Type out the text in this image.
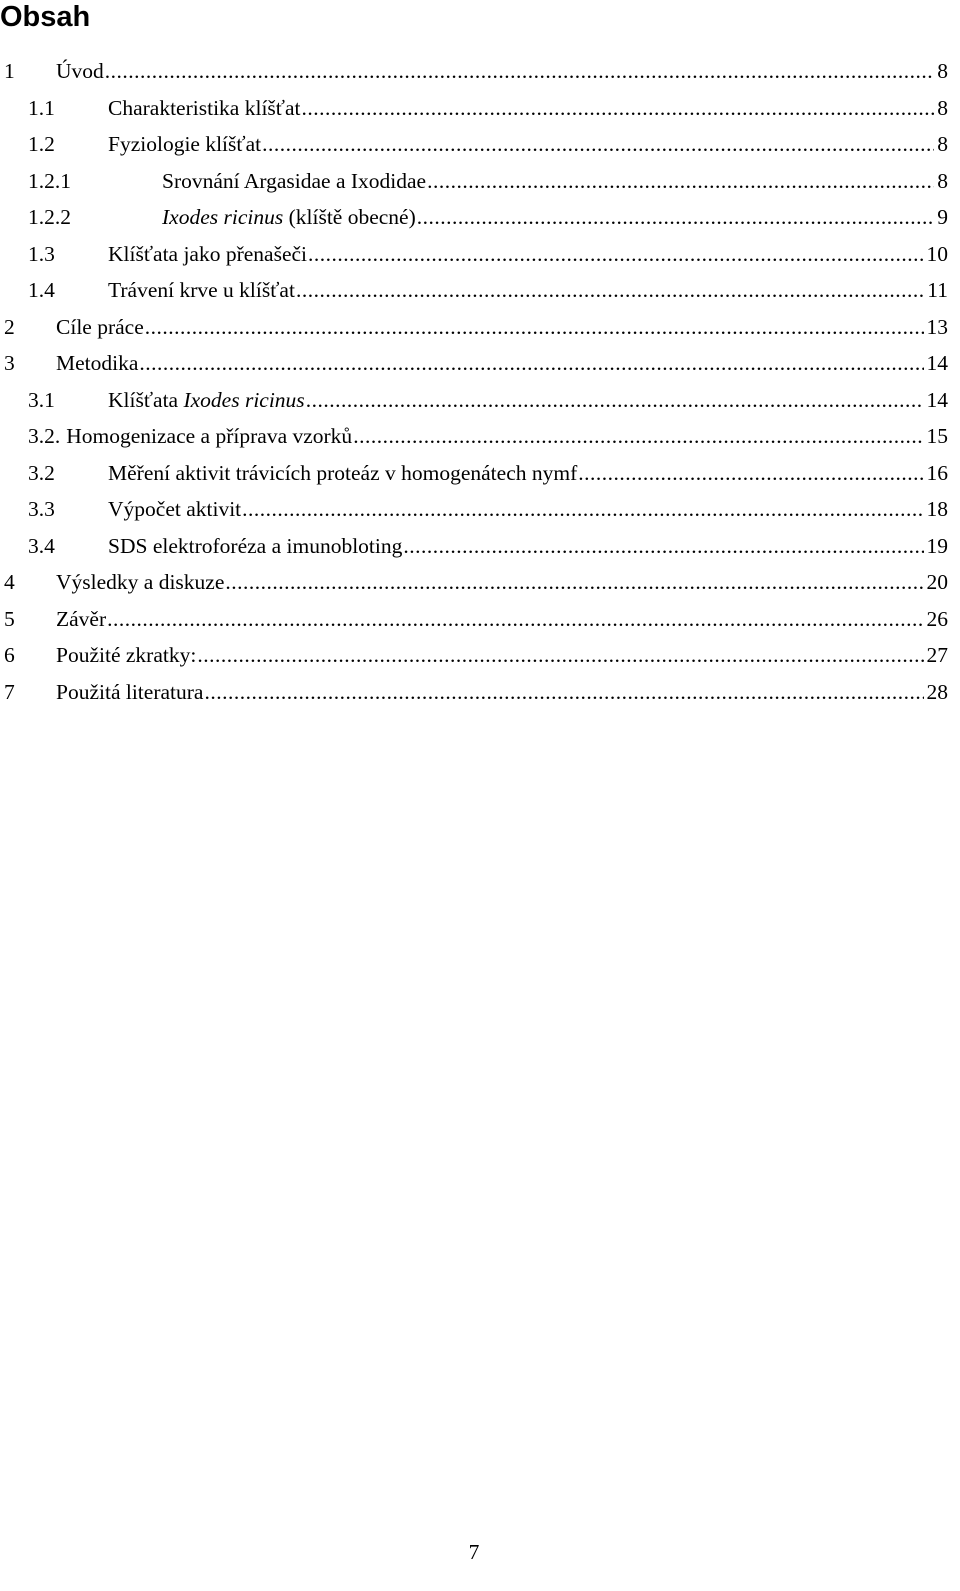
Obsah
1	Úvod .....	8
1.1	Charakteristika klíšťat .....	8
1.2	Fyziologie klíšťat .....	8
1.2.1	Srovnání Argasidae a Ixodidae .....	8
1.2.2	Ixodes ricinus (klíště obecné) .....	9
1.3	Klíšťata jako přenašeči .....	10
1.4	Trávení krve u klíšťat .....	11
2	Cíle práce .....	13
3	Metodika .....	14
3.1	Klíšťata Ixodes ricinus .....	14
3.2. Homogenizace a příprava vzorků .....	15
3.2	Měření aktivit trávicích proteáz v homogenátech nymf .....	16
3.3	Výpočet aktivit .....	18
3.4	SDS elektroforéza a imunobloting .....	19
4	Výsledky a diskuze .....	20
5	Závěr .....	26
6	Použité zkratky: .....	27
7	Použitá literatura .....	28
7
